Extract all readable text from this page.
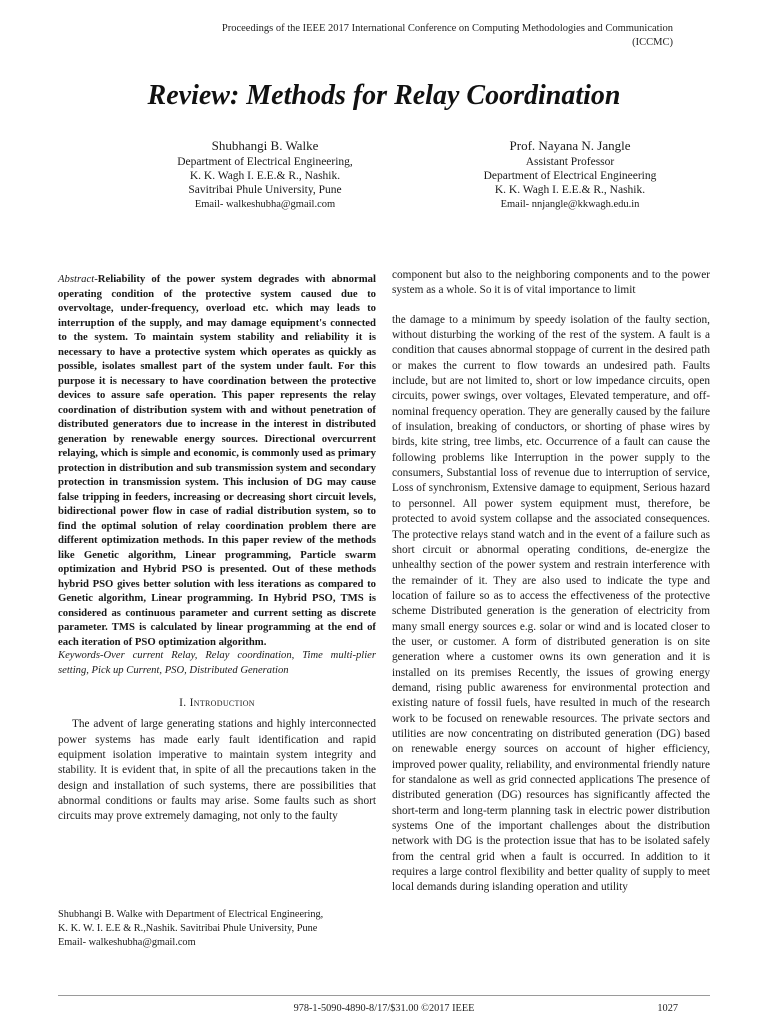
Proceedings of the IEEE 2017 International Conference on Computing Methodologies and Communication
(ICCMC)
Review: Methods for Relay Coordination
Shubhangi B. Walke
Department of Electrical Engineering,
K. K. Wagh I. E.E.& R., Nashik.
Savitribai Phule University, Pune
Email- walkeshubha@gmail.com
Prof. Nayana N. Jangle
Assistant Professor
Department of Electrical Engineering
K. K. Wagh I. E.E.& R., Nashik.
Email- nnjangle@kkwagh.edu.in

Abstract-Reliability of the power system degrades with abnormal operating condition of the protective system caused due to overvoltage, under-frequency, overload etc. which may leads to interruption of the supply, and may damage equipment's connected to the system. To maintain system stability and reliability it is necessary to have a protective system which operates as quickly as possible, isolates smallest part of the system under fault. For this purpose it is necessary to have coordination between the protective devices to assure safe operation. This paper represents the relay coordination of distribution system with and without penetration of distributed generators due to increase in the interest in distributed generation by renewable energy sources. Directional overcurrent relaying, which is simple and economic, is commonly used as primary protection in distribution and sub transmission system and secondary protection in transmission system. This inclusion of DG may cause false tripping in feeders, increasing or decreasing short circuit levels, bidirectional power flow in case of radial distribution system, so to find the optimal solution of relay coordination problem there are different optimization methods. In this paper review of the methods like Genetic algorithm, Linear programming, Particle swarm optimization and Hybrid PSO is presented. Out of these methods hybrid PSO gives better solution with less iterations as compared to Genetic algorithm, Linear programming. In Hybrid PSO, TMS is considered as continuous parameter and current setting as discrete parameter. TMS is calculated by linear programming at the end of each iteration of PSO optimization algorithm.

Keywords-Over current Relay, Relay coordination, Time multi-plier setting, Pick up Current, PSO, Distributed Generation

I. Introduction

The advent of large generating stations and highly interconnected power systems has made early fault identification and rapid equipment isolation imperative to maintain system integrity and stability. It is evident that, in spite of all the precautions taken in the design and installation of such systems, there are possibilities that abnormal conditions or faults may arise. Some faults such as short circuits may prove extremely damaging, not only to the faulty

component but also to the neighboring components and to the power system as a whole. So it is of vital importance to limit

the damage to a minimum by speedy isolation of the faulty section, without disturbing the working of the rest of the system. A fault is a condition that causes abnormal stoppage of current in the desired path or makes the current to flow towards an undesired path. Faults include, but are not limited to, short or low impedance circuits, open circuits, power swings, over voltages, Elevated temperature, and off-nominal frequency operation. They are generally caused by the failure of insulation, breaking of conductors, or shorting of phase wires by birds, kite string, tree limbs, etc. Occurrence of a fault can cause the following problems like Interruption in the power supply to the consumers, Substantial loss of revenue due to interruption of service, Loss of synchronism, Extensive damage to equipment, Serious hazard to personnel. All power system equipment must, therefore, be protected to avoid system collapse and the associated consequences. The protective relays stand watch and in the event of a failure such as short circuit or abnormal operating conditions, de-energize the unhealthy section of the power system and restrain interference with the remainder of it. They are also used to indicate the type and location of failure so as to access the effectiveness of the protective scheme Distributed generation is the generation of electricity from many small energy sources e.g. solar or wind and is located closer to the user, or customer. A form of distributed generation is on site generation where a customer owns its own generation and it is installed on its premises Recently, the issues of growing energy demand, rising public awareness for environmental protection and existing nature of fossil fuels, have resulted in much of the research work to be focused on renewable resources. The private sectors and utilities are now concentrating on distributed generation (DG) based on renewable energy sources on account of higher efficiency, improved power quality, reliability, and environmental friendly nature for standalone as well as grid connected applications The presence of distributed generation (DG) resources has significantly affected the short-term and long-term planning task in electric power distribution systems One of the important challenges about the distribution network with DG is the protection issue that has to be isolated safely from the central grid when a fault is occurred. In addition to it requires a large control flexibility and better quality of supply to meet local demands during islanding operation and utility

Shubhangi B. Walke with Department of Electrical Engineering,
K. K. W. I. E.E & R.,Nashik. Savitribai Phule University, Pune
Email- walkeshubha@gmail.com
978-1-5090-4890-8/17/$31.00 ©2017 IEEE	1027
